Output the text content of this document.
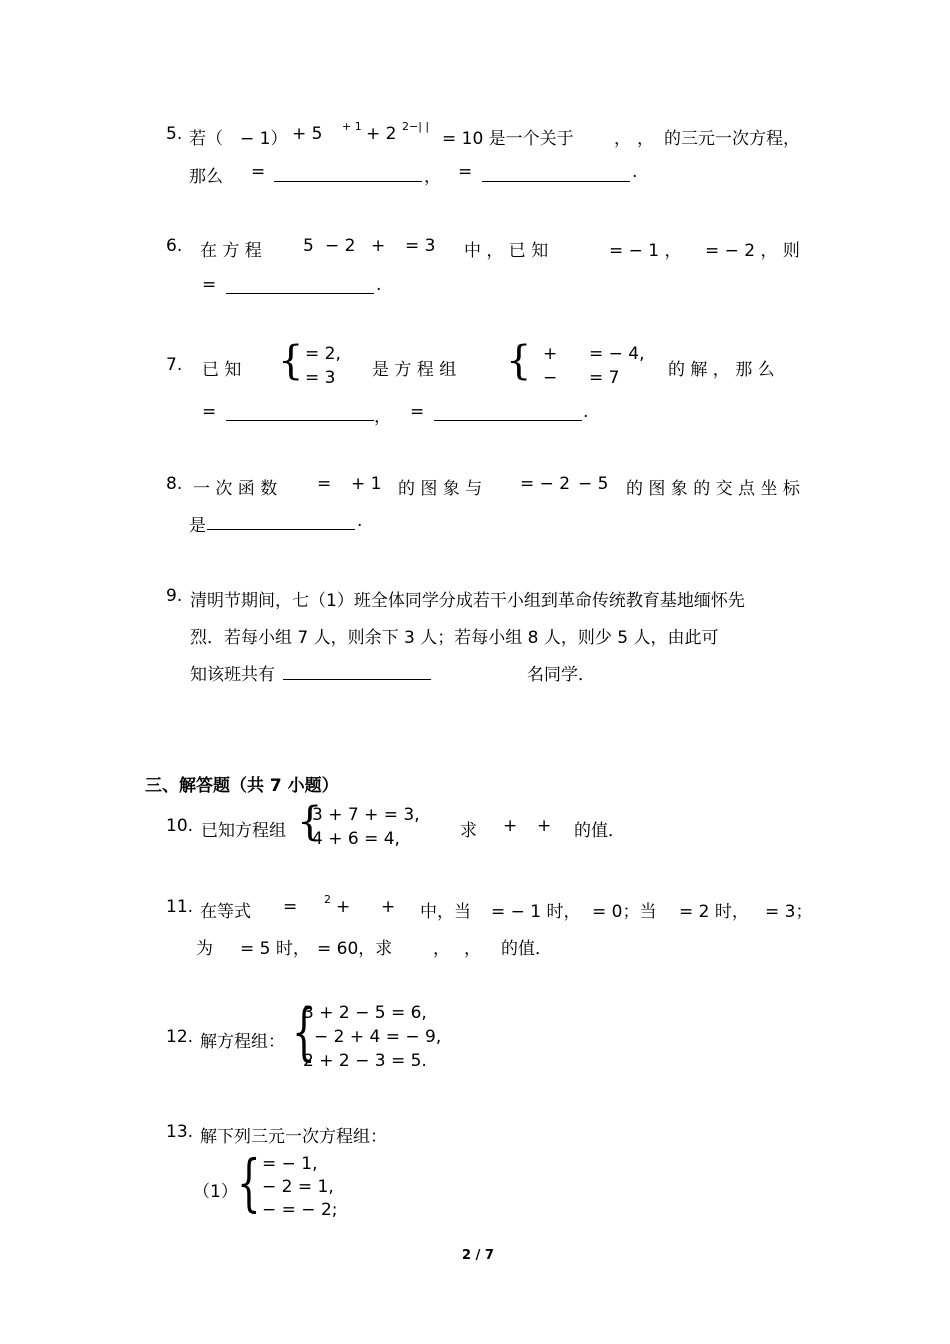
5. 若（ − 1） + 5 + 1 + 2 2−| |
= 10 是一个关于 ， ， 的三元一次方程，
那么 =	， =	.
6. 在 方 程 5 − 2 + = 3 中 ， 已 知	= − 1 ， = − 2 ， 则
=	.
7. 已 知 { = 2,
= 3 是 方 程 组 { + = − 4,
− = 7	的 解 ， 那 么
=	， =	.
8. 一 次 函 数 = + 1 的 图 象 与 = − 2 − 5 的 图 象 的 交 点 坐 标
是	.
9. 清明节期间，七（1）班全体同学分成若干小组到革命传统教育基地缅怀先
烈．若每小组 7 人，则余下 3 人；若每小组 8 人，则少 5 人，由此可
知该班共有	名同学．
三、解答题（共 7 小题）
10. 已知方程组 {
3 + 7 + = 3,
4 + 6 = 4,	求 + + 的值．
11. 在等式 = 2 + + 中，当 = − 1 时， = 0；当 = 2 时， = 3；
为 = 5 时， = 60，求 ， ， 的值．
12. 解方程组： {
3 + 2 − 5 = 6,
− 2 + 4 = − 9,
2 + 2 − 3 = 5.
13. 解下列三元一次方程组：
（1） { = − 1,
− 2 = 1,
− = − 2;
2 / 7
